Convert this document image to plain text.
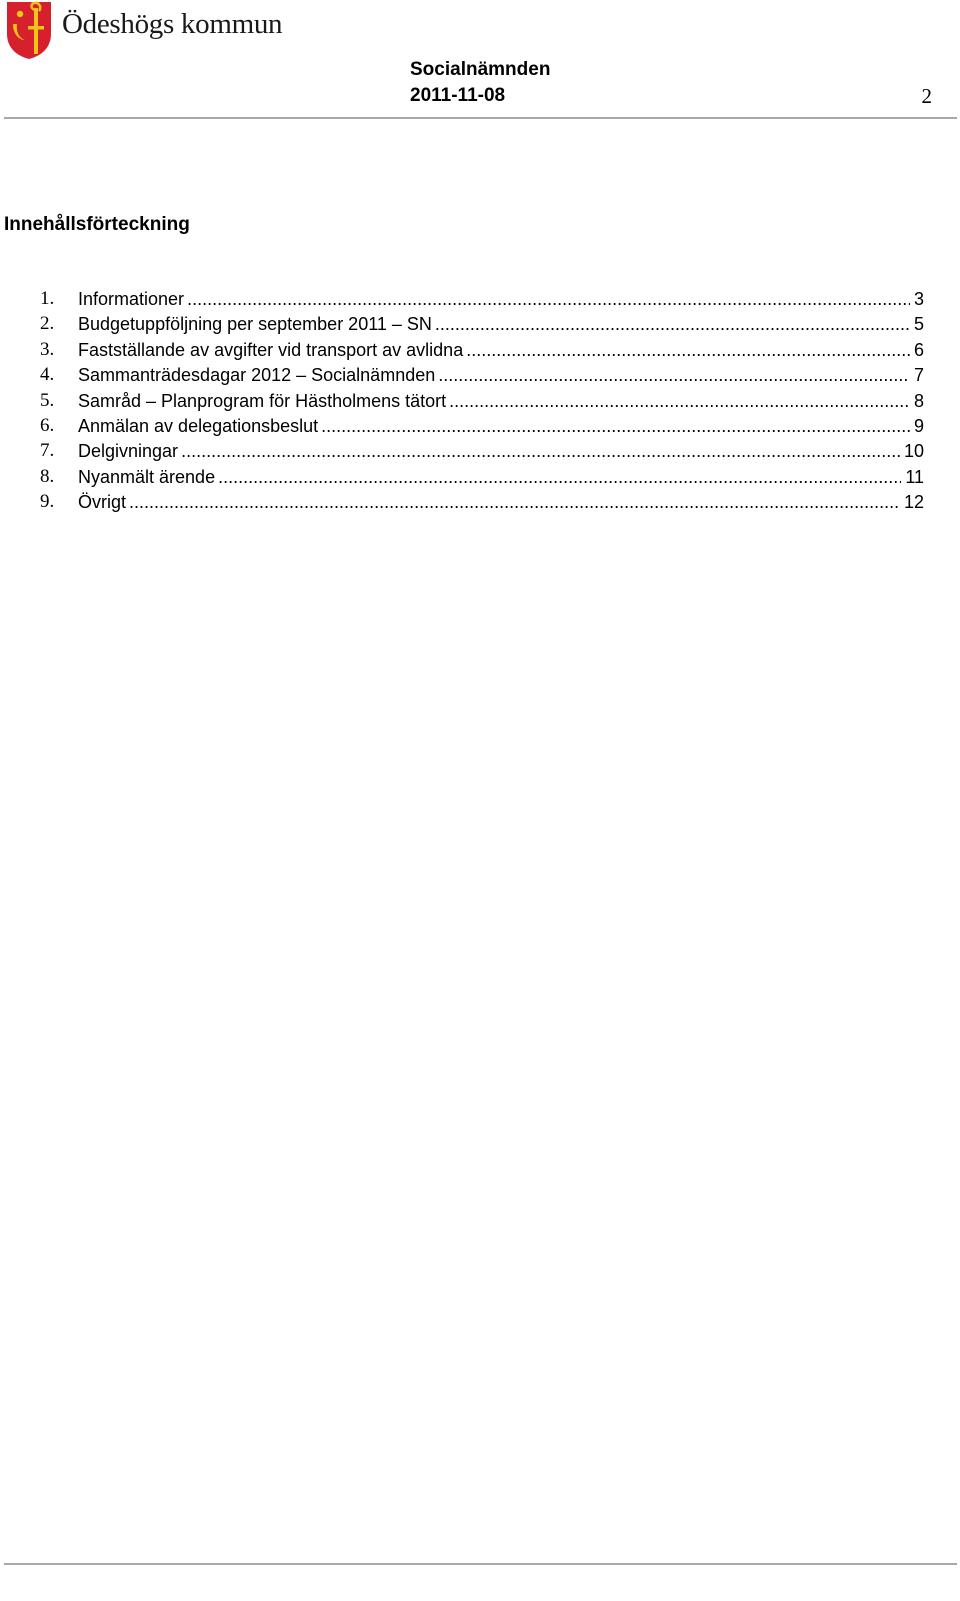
Ödeshögs kommun
Socialnämnden
2011-11-08	2
Innehållsförteckning
1. Informationer .....	3
2. Budgetuppföljning per september 2011 – SN .....	5
3. Fastställande av avgifter vid transport av avlidna .....	6
4. Sammanträdesdagar 2012 – Socialnämnden .....	7
5. Samråd – Planprogram för Hästholmens tätort .....	8
6. Anmälan av delegationsbeslut .....	9
7. Delgivningar .....	10
8. Nyanmält ärende .....	11
9. Övrigt .....	12
